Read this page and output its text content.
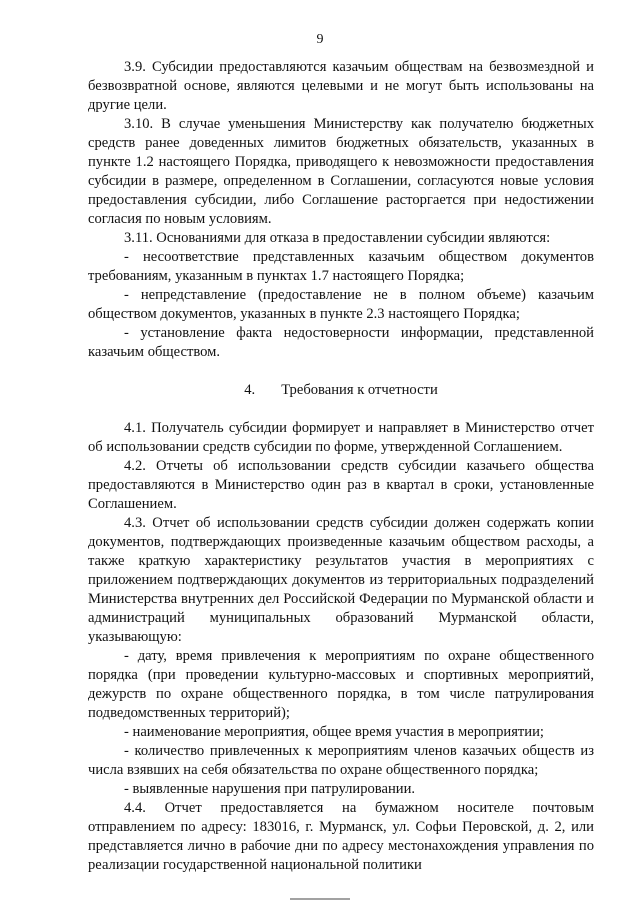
9

3.9. Субсидии предоставляются казачьим обществам на безвозмездной и безвозвратной основе, являются целевыми и не могут быть использованы на другие цели.

3.10. В случае уменьшения Министерству как получателю бюджетных средств ранее доведенных лимитов бюджетных обязательств, указанных в пункте 1.2 настоящего Порядка, приводящего к невозможности предоставления субсидии в размере, определенном в Соглашении, согласуются новые условия предоставления субсидии, либо Соглашение расторгается при недостижении согласия по новым условиям.

3.11. Основаниями для отказа в предоставлении субсидии являются:

- несоответствие представленных казачьим обществом документов требованиям, указанным в пунктах 1.7 настоящего Порядка;

- непредставление (предоставление не в полном объеме) казачьим обществом документов, указанных в пункте 2.3 настоящего Порядка;

- установление факта недостоверности информации, представленной казачьим обществом.

4. Требования к отчетности

4.1. Получатель субсидии формирует и направляет в Министерство отчет об использовании средств субсидии по форме, утвержденной Соглашением.

4.2. Отчеты об использовании средств субсидии казачьего общества предоставляются в Министерство один раз в квартал в сроки, установленные Соглашением.

4.3. Отчет об использовании средств субсидии должен содержать копии документов, подтверждающих произведенные казачьим обществом расходы, а также краткую характеристику результатов участия в мероприятиях с приложением подтверждающих документов из территориальных подразделений Министерства внутренних дел Российской Федерации по Мурманской области и администраций муниципальных образований Мурманской области, указывающую:

- дату, время привлечения к мероприятиям по охране общественного порядка (при проведении культурно-массовых и спортивных мероприятий, дежурств по охране общественного порядка, в том числе патрулирования подведомственных территорий);

- наименование мероприятия, общее время участия в мероприятии;

- количество привлеченных к мероприятиям членов казачьих обществ из числа взявших на себя обязательства по охране общественного порядка;

- выявленные нарушения при патрулировании.

4.4. Отчет предоставляется на бумажном носителе почтовым отправлением по адресу: 183016, г. Мурманск, ул. Софьи Перовской, д. 2, или представляется лично в рабочие дни по адресу местонахождения управления по реализации государственной национальной политики
